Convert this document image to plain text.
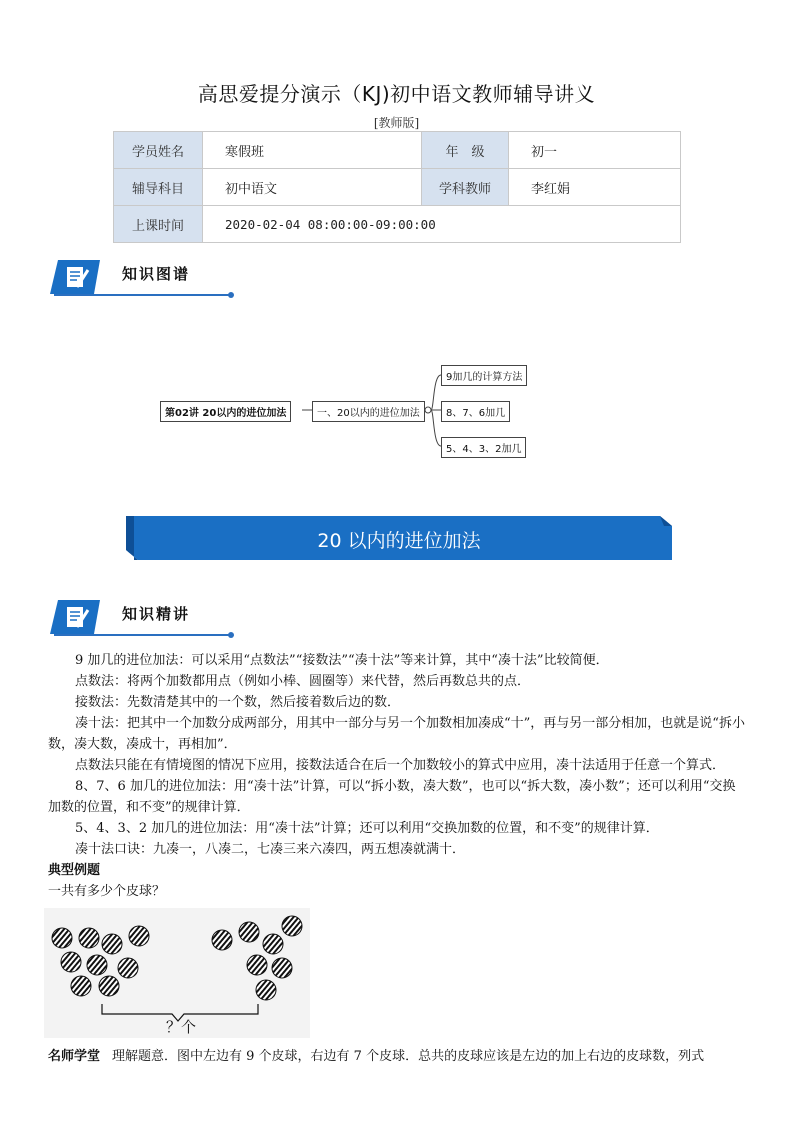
高思爱提分演示（KJ)初中语文教师辅导讲义
[教师版]
学员姓名	寒假班	年　级	初一
辅导科目	初中语文	学科教师	李红娟
上课时间	2020-02-04 08:00:00-09:00:00		
知识图谱
第02讲 20以内的进位加法	一、20以内的进位加法
9加几的计算方法
8、7、6加几
5、4、3、2加几
20 以内的进位加法
知识精讲

9 加几的进位加法：可以采用“点数法”“接数法”“凑十法”等来计算，其中“凑十法”比较简便．

点数法：将两个加数都用点（例如小棒、圆圈等）来代替，然后再数总共的点．

接数法：先数清楚其中的一个数，然后接着数后边的数．

凑十法：把其中一个加数分成两部分，用其中一部分与另一个加数相加凑成“十”，再与另一部分相加，也就是说“拆小数，凑大数，凑成十，再相加”．

点数法只能在有情境图的情况下应用，接数法适合在后一个加数较小的算式中应用，凑十法适用于任意一个算式．

8、7、6 加几的进位加法：用“凑十法”计算，可以“拆小数，凑大数”，也可以“拆大数，凑小数”；还可以利用“交换加数的位置，和不变”的规律计算．

5、4、3、2 加几的进位加法：用“凑十法”计算；还可以利用“交换加数的位置，和不变”的规律计算．

凑十法口诀：九凑一，八凑二，七凑三来六凑四，两五想凑就满十．

典型例题

一共有多少个皮球？

？个

名师学堂 理解题意．图中左边有 9 个皮球，右边有 7 个皮球．总共的皮球应该是左边的加上右边的皮球数，列式
